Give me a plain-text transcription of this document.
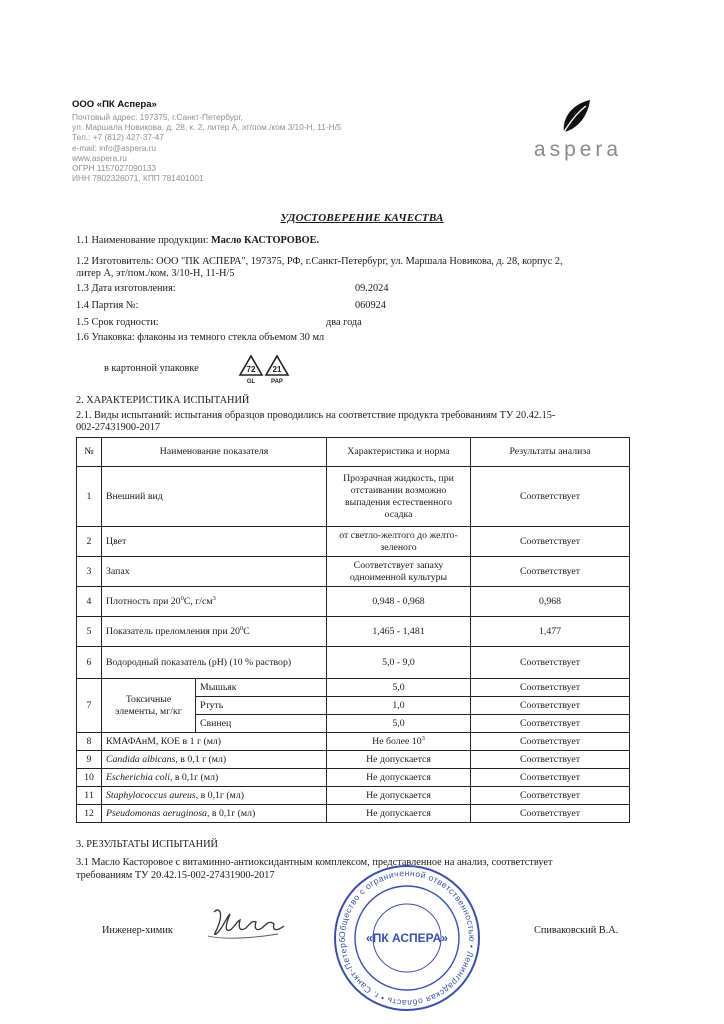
ООО «ПК Аспера»
Почтовый адрес: 197375, г.Санкт-Петербург,
ул. Маршала Новикова, д. 28, к. 2, литер А, эт/пом./ком 3/10-Н, 11-Н/5
Тел.: +7 (812) 427-37-47
e-mail: info@aspera.ru
www.aspera.ru
ОГРН 1157027090133
ИНН 7802326071, КПП 781401001
aspera
УДОСТОВЕРЕНИЕ КАЧЕСТВА
1.1 Наименование продукции: Масло КАСТОРОВОЕ.
1.2 Изготовитель: ООО "ПК АСПЕРА", 197375, РФ, г.Санкт-Петербург, ул. Маршала Новикова, д. 28, корпус 2,
литер А, эт/пом./ком. 3/10-Н, 11-Н/5
1.3 Дата изготовления:	09.2024
1.4 Партия №:	060924
1.5 Срок годности:	два года
1.6 Упаковка: флаконы из темного стекла объемом 30 мл
в картонной упаковке	72
GL
21
PAP
2. ХАРАКТЕРИСТИКА ИСПЫТАНИЙ
2.1. Виды испытаний: испытания образцов проводились на соответствие продукта требованиям ТУ 20.42.15-
002-27431900-2017
№	Наименование показателя		Характеристика и норма	Результаты анализа
1	Внешний вид		Прозрачная жидкость, при отстаивании возможно выпадения естественного осадка	Соответствует
2	Цвет		от светло-желтого до желто-зеленого	Соответствует
3	Запах		Соответствует запаху одноименной культуры	Соответствует
4	Плотность при $20^0С$, $г/см^3$		0,948 - 0,968	0,968
5	Показатель преломления при $20^0С$		1,465 - 1,481	1,477
6	Водородный показатель (pH) (10 % раствор)		5,0 - 9,0	Соответствует
7	Токсичные элементы, мг/кг	Мышьяк	5,0	Соответствует
		Ртуть	1,0	Соответствует
		Свинец	5,0	Соответствует
8	КМАФАнМ, КОЕ в 1 г (мл)		Не более $10^3$	Соответствует
9	Candida albicans, в 0,1 г (мл)		Не допускается	Соответствует
10	Escherichia coli, в 0,1г (мл)		Не допускается	Соответствует
11	Staphylococcus aureus, в 0,1г (мл)		Не допускается	Соответствует
12	Pseudomonas aeruginosa, в 0,1г (мл)		Не допускается	Соответствует
3. РЕЗУЛЬТАТЫ ИСПЫТАНИЙ
3.1 Масло Касторовое с витаминно-антиоксидантным комплексом, представленное на анализ, соответствует
требованиям ТУ 20.42.15-002-27431900-2017
Инженер-химик	Спиваковский В.А.
Общество с ограниченной ответственностью • Ленинградская область • г. Санкт-Петерб	«ПК АСПЕРА»
